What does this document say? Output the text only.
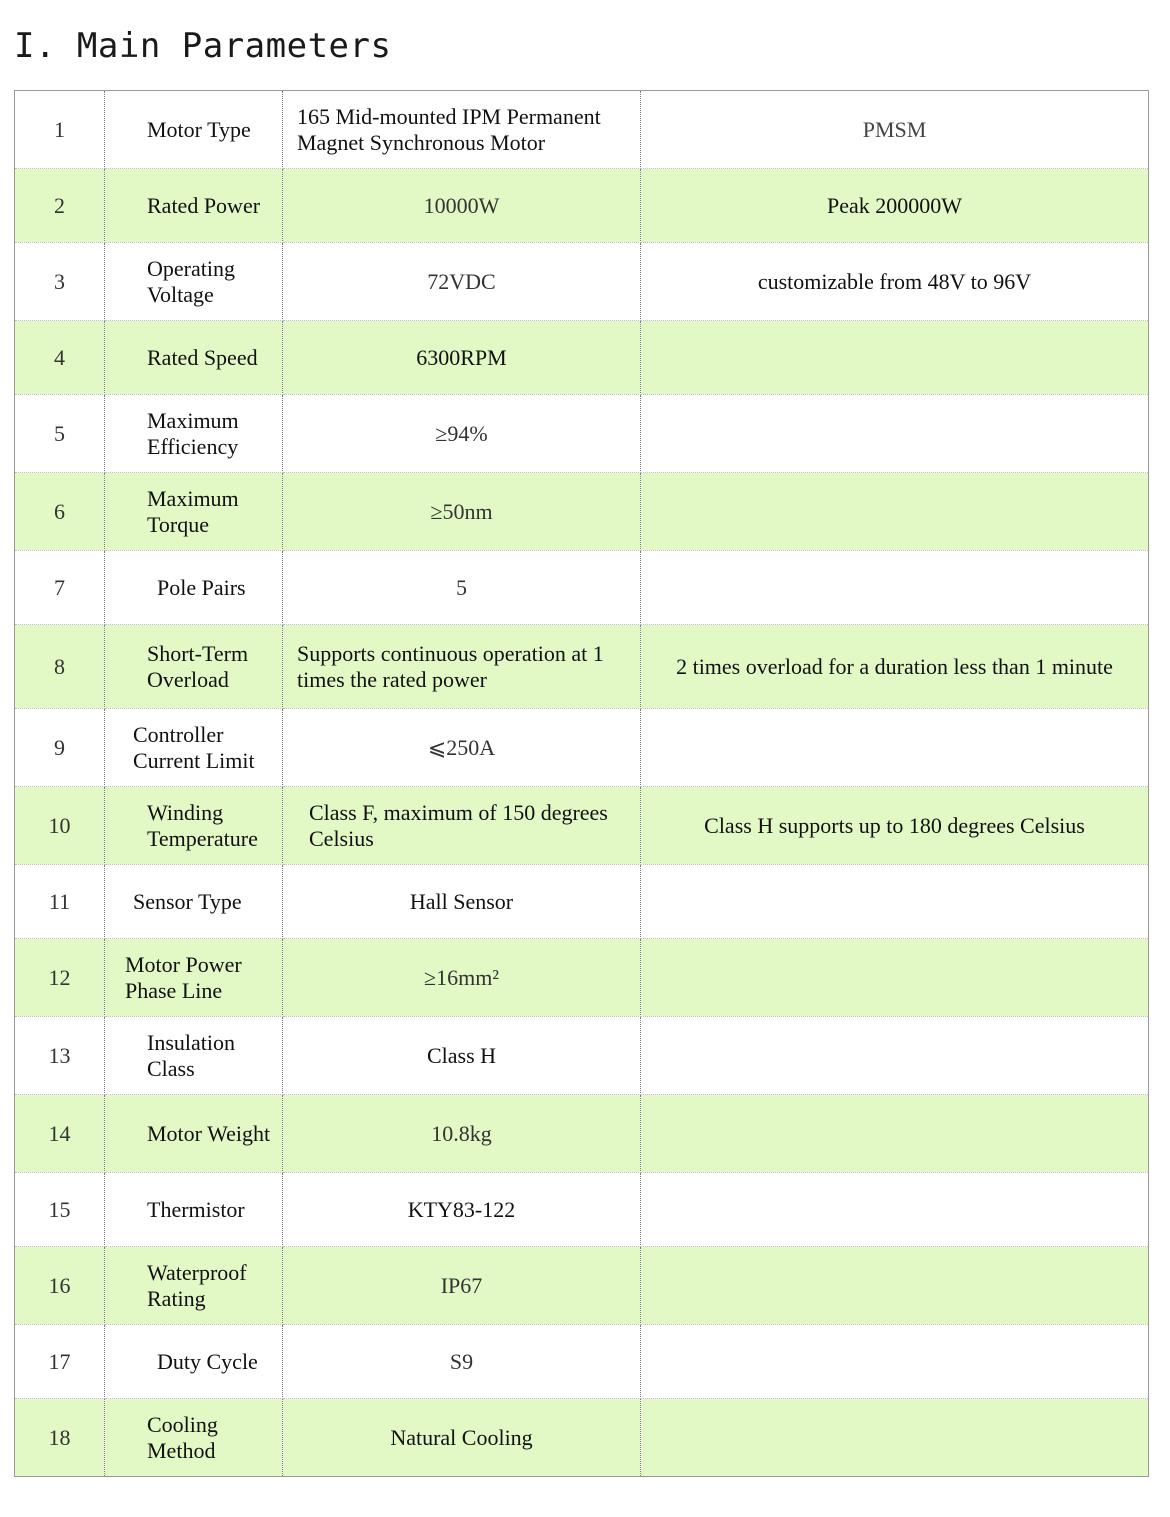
I. Main Parameters
1	Motor Type	165 Mid-mounted IPM Permanent Magnet Synchronous Motor	PMSM
2	Rated Power	10000W	Peak 200000W
3	Operating Voltage	72VDC	customizable from 48V to 96V
4	Rated Speed	6300RPM	
5	Maximum Efficiency	≥94%	
6	Maximum Torque	≥50nm	
7	Pole Pairs	5	
8	Short-Term Overload	Supports continuous operation at 1 times the rated power	2 times overload for a duration less than 1 minute
9	Controller Current Limit	⩽250A	
10	Winding Temperature	Class F, maximum of 150 degrees Celsius	Class H supports up to 180 degrees Celsius
11	Sensor Type	Hall Sensor	
12	Motor Power Phase Line	≥16mm²	
13	Insulation Class	Class H	
14	Motor Weight	10.8kg	
15	Thermistor	KTY83-122	
16	Waterproof Rating	IP67	
17	Duty Cycle	S9	
18	Cooling Method	Natural Cooling	
